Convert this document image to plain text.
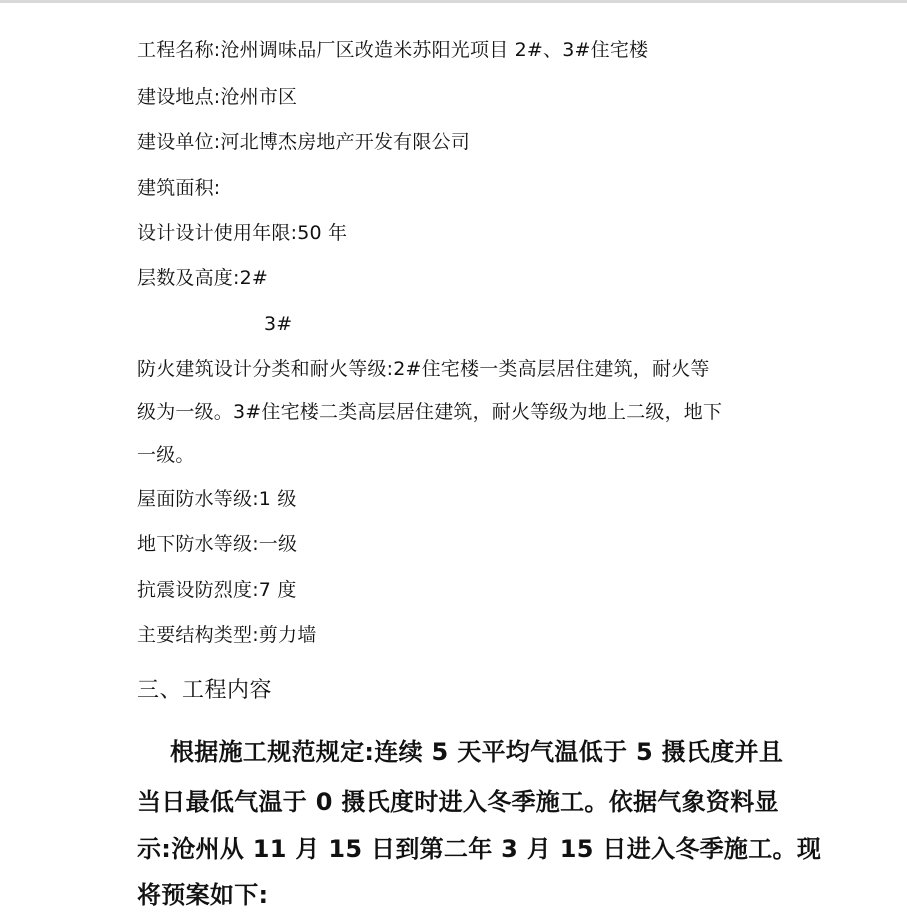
工程名称:沧州调味品厂区改造米苏阳光项目 2#、3#住宅楼
建设地点:沧州市区
建设单位:河北博杰房地产开发有限公司
建筑面积:
设计设计使用年限:50 年
层数及高度:2#
3#
防火建筑设计分类和耐火等级:2#住宅楼一类高层居住建筑，耐火等
级为一级。3#住宅楼二类高层居住建筑，耐火等级为地上二级，地下
一级。
屋面防水等级:1 级
地下防水等级:一级
抗震设防烈度:7 度
主要结构类型:剪力墙
三、工程内容
根据施工规范规定:连续 5 天平均气温低于 5 摄氏度并且
当日最低气温于 0 摄氏度时进入冬季施工。依据气象资料显
示:沧州从 11 月 15 日到第二年 3 月 15 日进入冬季施工。现
将预案如下:
